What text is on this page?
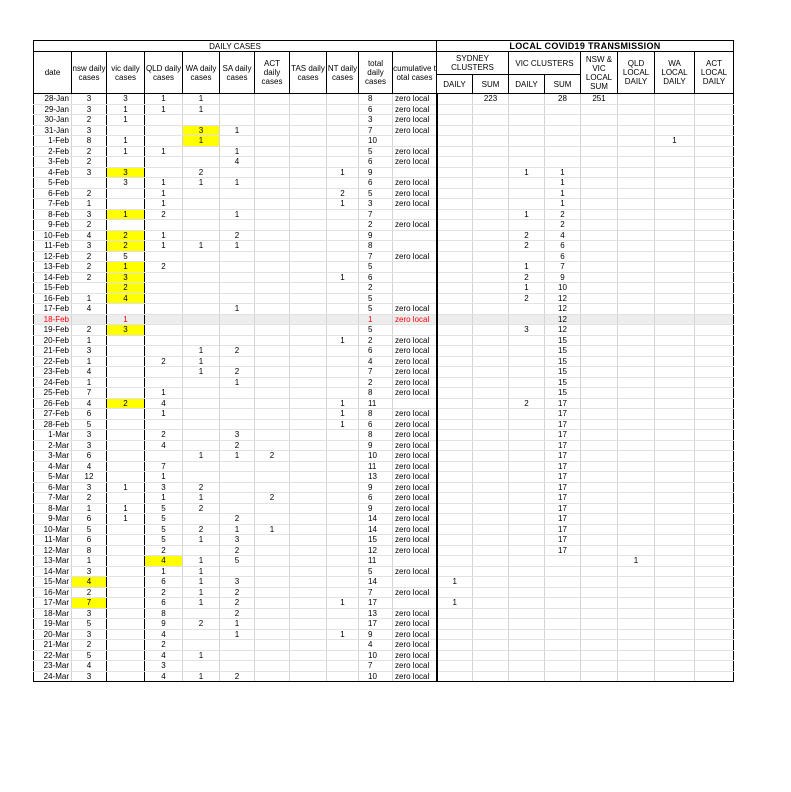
DAILY CASES											LOCAL COVID19 TRANSMISSION							
date	nsw daily cases	vic daily cases	QLD daily cases	WA daily cases	SA daily cases	ACT daily cases	TAS daily cases	NT daily cases	total daily cases	cumulative total cases	SYDNEY CLUSTERS		VIC CLUSTERS		NSW & VIC LOCAL SUM	QLD LOCAL DAILY	WA LOCAL DAILY	ACT LOCAL DAILY
											DAILY	SUM	DAILY	SUM				
28-Jan	3	3	1	1					8	zero local		223		28	251			
29-Jan	3	1	1	1					6	zero local								
30-Jan	2	1							3	zero local								
31-Jan	3			3	1				7	zero local								
1-Feb	8	1		1					10								1	
2-Feb	2	1	1		1				5	zero local								
3-Feb	2				4				6	zero local								
4-Feb	3	3		2				1	9				1	1				
5-Feb		3	1	1	1				6	zero local				1				
6-Feb	2		1					2	5	zero local				1				
7-Feb	1		1					1	3	zero local				1				
8-Feb	3	1	2		1				7				1	2				
9-Feb	2								2	zero local				2				
10-Feb	4	2	1		2				9				2	4				
11-Feb	3	2	1	1	1				8				2	6				
12-Feb	2	5							7	zero local				6				
13-Feb	2	1	2						5				1	7				
14-Feb	2	3						1	6				2	9				
15-Feb		2							2				1	10				
16-Feb	1	4							5				2	12				
17-Feb	4				1				5	zero local				12				
18-Feb		1							1	zero local				12				
19-Feb	2	3							5				3	12				
20-Feb	1							1	2	zero local				15				
21-Feb	3			1	2				6	zero local				15				
22-Feb	1		2	1					4	zero local				15				
23-Feb	4			1	2				7	zero local				15				
24-Feb	1				1				2	zero local				15				
25-Feb	7		1						8	zero local				15				
26-Feb	4	2	4					1	11				2	17				
27-Feb	6		1					1	8	zero local				17				
28-Feb	5							1	6	zero local				17				
1-Mar	3		2		3				8	zero local				17				
2-Mar	3		4		2				9	zero local				17				
3-Mar	6			1	1	2			10	zero local				17				
4-Mar	4		7						11	zero local				17				
5-Mar	12		1						13	zero local				17				
6-Mar	3	1	3	2					9	zero local				17				
7-Mar	2		1	1		2			6	zero local				17				
8-Mar	1	1	5	2					9	zero local				17				
9-Mar	6	1	5		2				14	zero local				17				
10-Mar	5		5	2	1	1			14	zero local				17				
11-Mar	6		5	1	3				15	zero local				17				
12-Mar	8		2		2				12	zero local				17				
13-Mar	1		4	1	5				11							1		
14-Mar	3		1	1					5	zero local								
15-Mar	4		6	1	3				14		1							
16-Mar	2		2	1	2				7	zero local								
17-Mar	7		6	1	2			1	17		1							
18-Mar	3		8		2				13	zero local								
19-Mar	5		9	2	1				17	zero local								
20-Mar	3		4		1			1	9	zero local								
21-Mar	2		2						4	zero local								
22-Mar	5		4	1					10	zero local								
23-Mar	4		3						7	zero local								
24-Mar	3		4	1	2				10	zero local								
